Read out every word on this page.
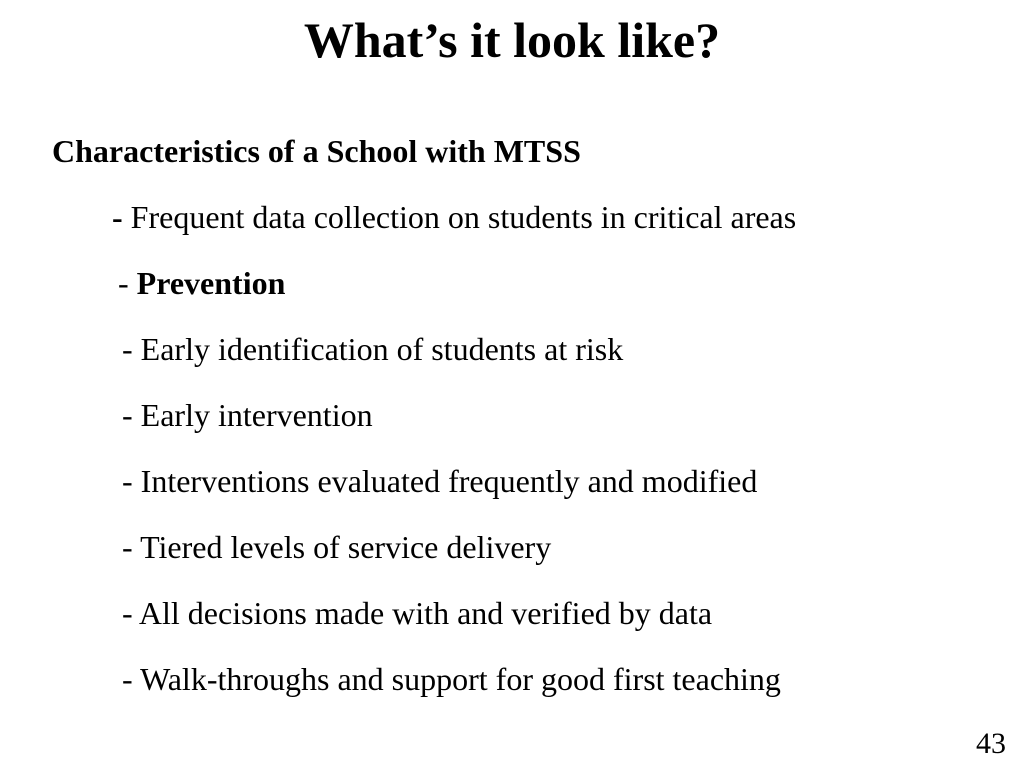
What’s it look like?
Characteristics of a School with MTSS
- Frequent data collection on students in critical areas
- Prevention
- Early identification of students at risk
- Early intervention
- Interventions evaluated frequently and modified
- Tiered levels of service delivery
- All decisions made with and verified by data
- Walk-throughs and support for good first teaching
43
